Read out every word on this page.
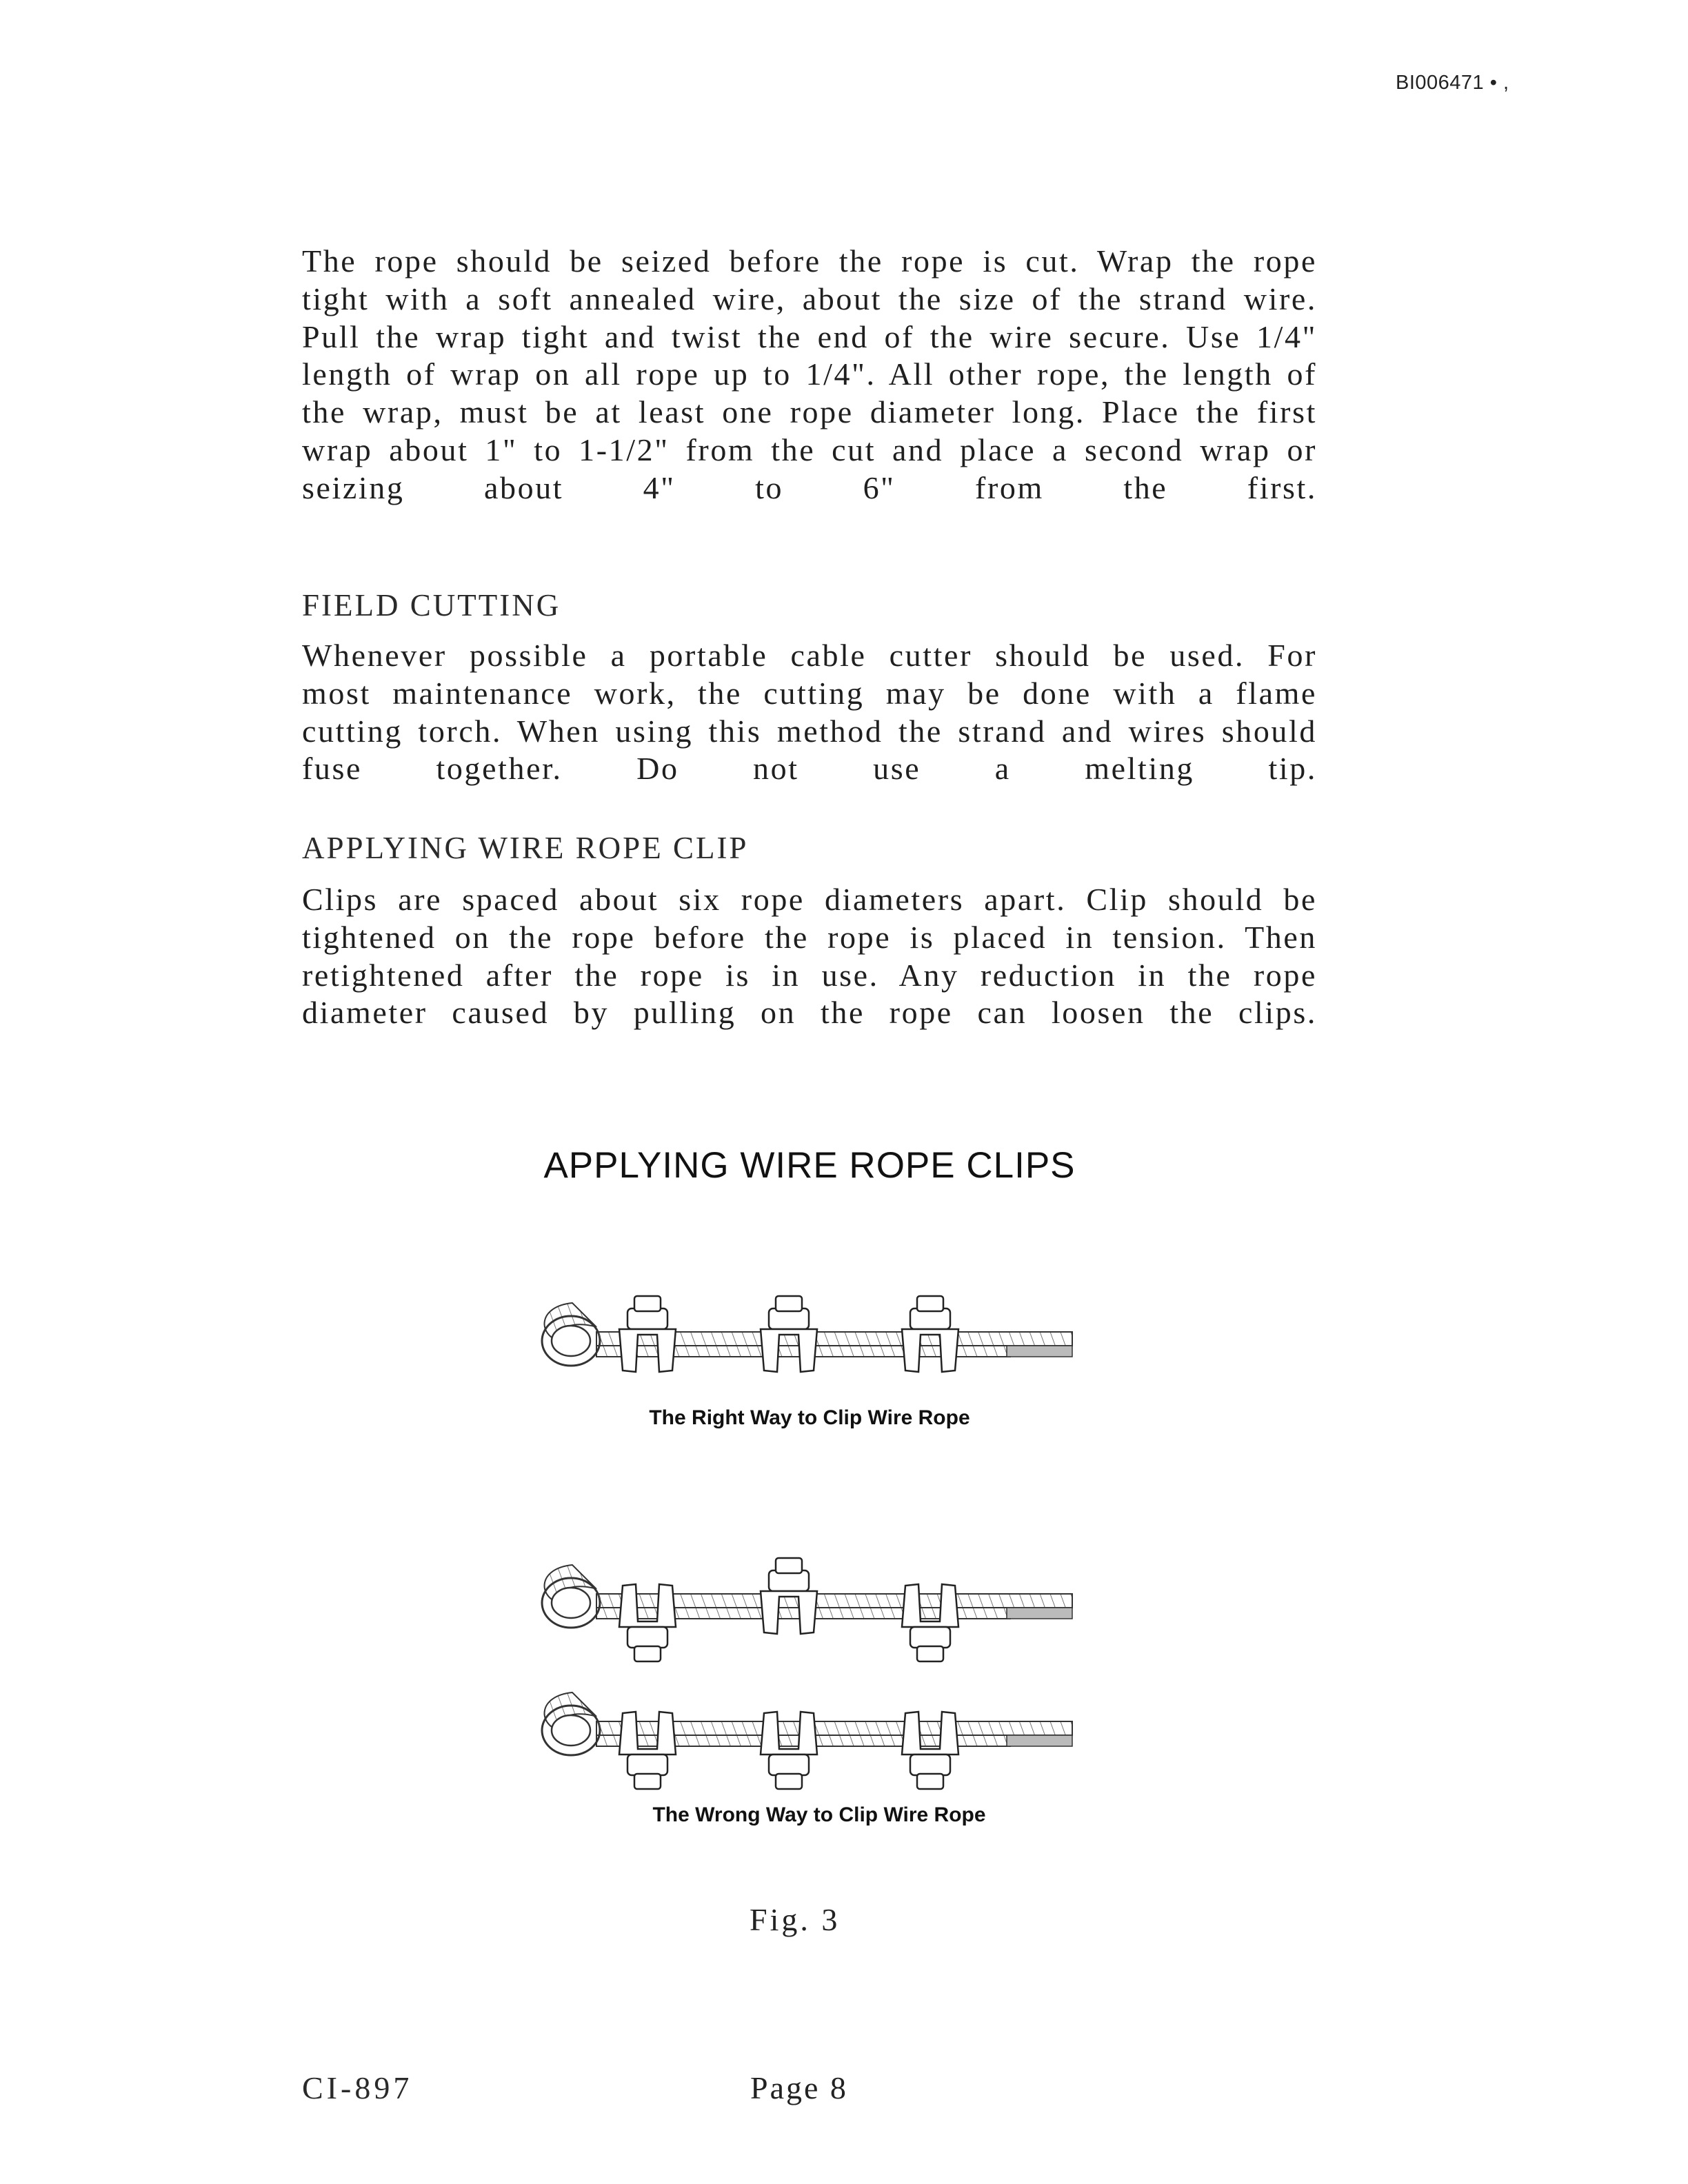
BI006471 • ,
The rope should be seized before the rope is cut. Wrap the rope tight with a soft annealed wire, about the size of the strand wire. Pull the wrap tight and twist the end of the wire secure. Use 1/4" length of wrap on all rope up to 1/4". All other rope, the length of the wrap, must be at least one rope diameter long. Place the first wrap about 1" to 1-1/2" from the cut and place a second wrap or seizing about 4" to 6" from the first.
FIELD CUTTING
Whenever possible a portable cable cutter should be used. For most maintenance work, the cutting may be done with a flame cutting torch. When using this method the strand and wires should fuse together. Do not use a melting tip.
APPLYING WIRE ROPE CLIP
Clips are spaced about six rope diameters apart. Clip should be tightened on the rope before the rope is placed in tension. Then retightened after the rope is in use. Any reduction in the rope diameter caused by pulling on the rope can loosen the clips.
APPLYING WIRE ROPE CLIPS
The Right Way to Clip Wire Rope
The Wrong Way to Clip Wire Rope
Fig. 3
CI-897	Page 8
